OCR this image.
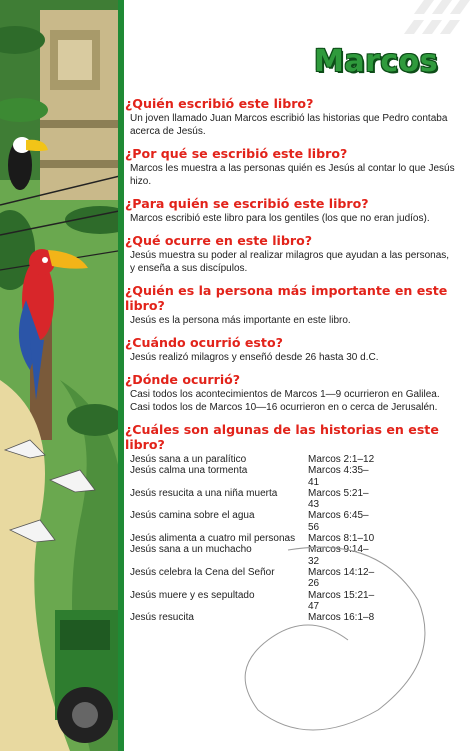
Marcos

¿Quién escribió este libro?

Un joven llamado Juan Marcos escribió las historias que Pedro contaba acerca de Jesús.

¿Por qué se escribió este libro?

Marcos les muestra a las personas quién es Jesús al contar lo que Jesús hizo.

¿Para quién se escribió este libro?

Marcos escribió este libro para los gentiles (los que no eran judíos).

¿Qué ocurre en este libro?

Jesús muestra su poder al realizar milagros que ayudan a las personas, y enseña a sus discípulos.

¿Quién es la persona más importante en este libro?

Jesús es la persona más importante en este libro.

¿Cuándo ocurrió esto?

Jesús realizó milagros y enseñó desde 26 hasta 30 d.C.

¿Dónde ocurrió?

Casi todos los acontecimientos de Marcos 1—9 ocurrieron en Galilea. Casi todos los de Marcos 10—16 ocurrieron en o cerca de Jerusalén.

¿Cuáles son algunas de las historias en este libro?

Jesús sana a un paralítico	Marcos 2:1–12
Jesús calma una tormenta	Marcos 4:35–41
Jesús resucita a una niña muerta	Marcos 5:21–43
Jesús camina sobre el agua	Marcos 6:45–56
Jesús alimenta a cuatro mil personas Marcos 8:1–10
Jesús sana a un muchacho	Marcos 9:14–32
Jesús celebra la Cena del Señor	Marcos 14:12–26
Jesús muere y es sepultado	Marcos 15:21–47
Jesús resucita	Marcos 16:1–8
